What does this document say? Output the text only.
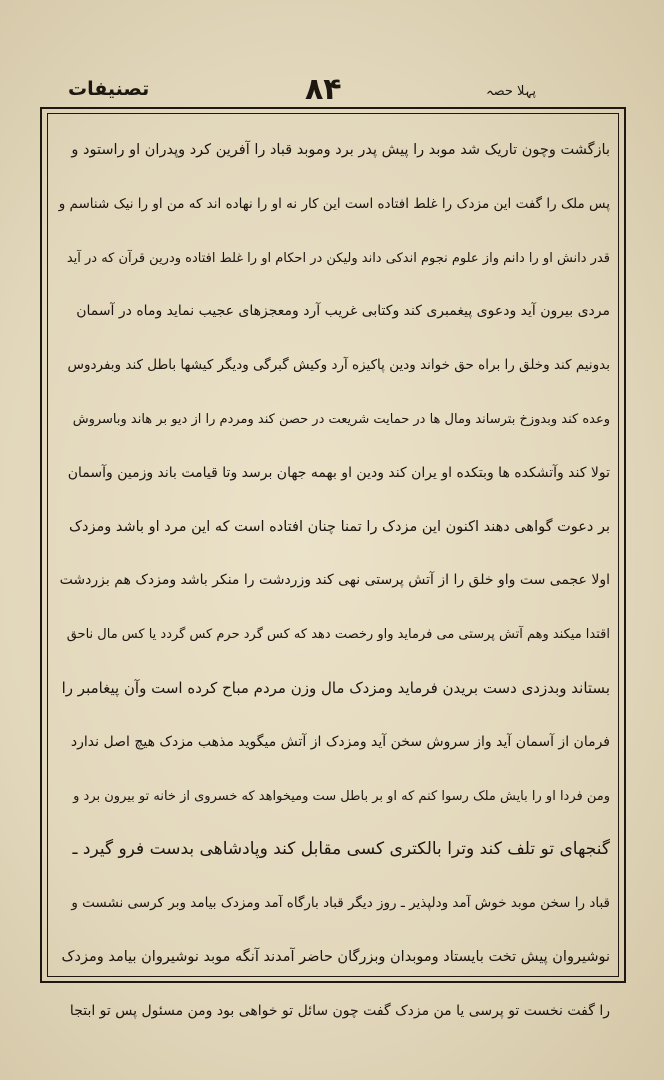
تصنیفات	۸۴	پہلا حصہ
بازگشت وچون تاریک شد موبد را پیش پدر برد وموبد قباد را آفرین کرد وپدران او راستود و
پس ملک را گفت این مزدک را غلط افتاده است این کار نه او را نهاده اند که من او را نیک شناسم و
قدر دانش او را دانم واز علوم نجوم اندکی داند ولیکن در احکام او را غلط افتاده ودرین قرآن که در آید
مردی بیرون آید ودعوی پیغمبری کند وکتابی غریب آرد ومعجزهای عجیب نماید وماه در آسمان
بدونیم کند وخلق را براه حق خواند ودین پاکیزه آرد وکیش گبرگی ودیگر کیشها باطل کند وبفردوس
وعده کند وبدوزخ بترساند ومال ها در حمایت شریعت در حصن کند ومردم را از دیو بر هاند وباسروش
تولا کند وآتشکده ها وبتکده او یران کند ودین او بهمه جهان برسد وتا قیامت باند وزمین وآسمان
بر دعوت گواهی دهند اکنون این مزدک را تمنا چنان افتاده است که این مرد او باشد ومزدک
اولا عجمی ست واو خلق را از آتش پرستی نهی کند وزردشت را منکر باشد ومزدک هم بزردشت
اقتدا میکند وهم آتش پرستی می فرماید واو رخصت دهد که کس گرد حرم کس گردد یا کس مال ناحق
بستاند وبدزدی دست بریدن فرماید ومزدک مال وزن مردم مباح کرده است وآن پیغامبر را
فرمان از آسمان آید واز سروش سخن آید ومزدک از آتش میگوید مذهب مزدک هیچ اصل ندارد
ومن فردا او را بایش ملک رسوا کنم که او بر باطل ست ومیخواهد که خسروی از خانه تو بیرون برد و
گنجهای تو تلف کند وترا بالکتری کسی مقابل کند وپادشاهی بدست فرو گیرد ـ
قباد را سخن موبد خوش آمد ودلپذیر ـ روز دیگر قباد بارگاه آمد ومزدک بیامد وبر کرسی نشست و
نوشیروان پیش تخت بایستاد وموبدان وبزرگان حاضر آمدند آنگه موبد نوشیروان بیامد ومزدک
را گفت نخست تو پرسی یا من مزدک گفت چون سائل تو خواهی بود ومن مسئول پس تو ابتجا
